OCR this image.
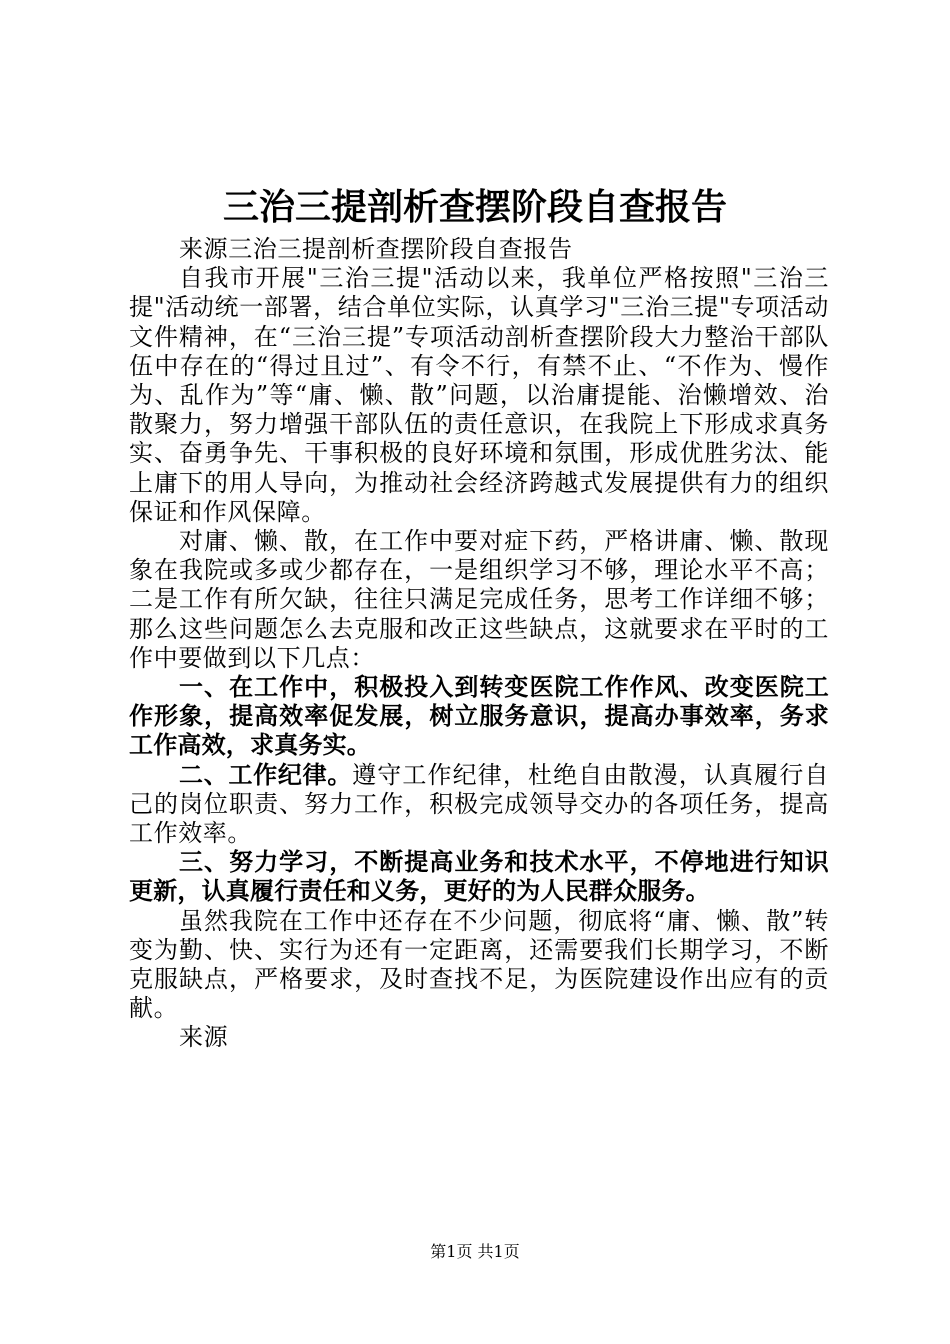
三治三提剖析查摆阶段自查报告

来源三治三提剖析查摆阶段自查报告

自我市开展"三治三提"活动以来，我单位严格按照"三治三提"活动统一部署，结合单位实际，认真学习"三治三提"专项活动文件精神，在“三治三提”专项活动剖析查摆阶段大力整治干部队伍中存在的“得过且过”、有令不行，有禁不止、“不作为、慢作为、乱作为”等“庸、懒、散”问题，以治庸提能、治懒增效、治散聚力，努力增强干部队伍的责任意识，在我院上下形成求真务实、奋勇争先、干事积极的良好环境和氛围，形成优胜劣汰、能上庸下的用人导向，为推动社会经济跨越式发展提供有力的组织保证和作风保障。

对庸、懒、散，在工作中要对症下药，严格讲庸、懒、散现象在我院或多或少都存在，一是组织学习不够，理论水平不高；二是工作有所欠缺，往往只满足完成任务，思考工作详细不够；那么这些问题怎么去克服和改正这些缺点，这就要求在平时的工作中要做到以下几点：

一、在工作中，积极投入到转变医院工作作风、改变医院工作形象，提高效率促发展，树立服务意识，提高办事效率，务求工作高效，求真务实。

二、工作纪律。遵守工作纪律，杜绝自由散漫，认真履行自己的岗位职责、努力工作，积极完成领导交办的各项任务，提高工作效率。

三、努力学习，不断提高业务和技术水平，不停地进行知识更新，认真履行责任和义务，更好的为人民群众服务。

虽然我院在工作中还存在不少问题，彻底将“庸、懒、散”转变为勤、快、实行为还有一定距离，还需要我们长期学习，不断克服缺点，严格要求，及时查找不足，为医院建设作出应有的贡献。

来源

第1页 共1页
